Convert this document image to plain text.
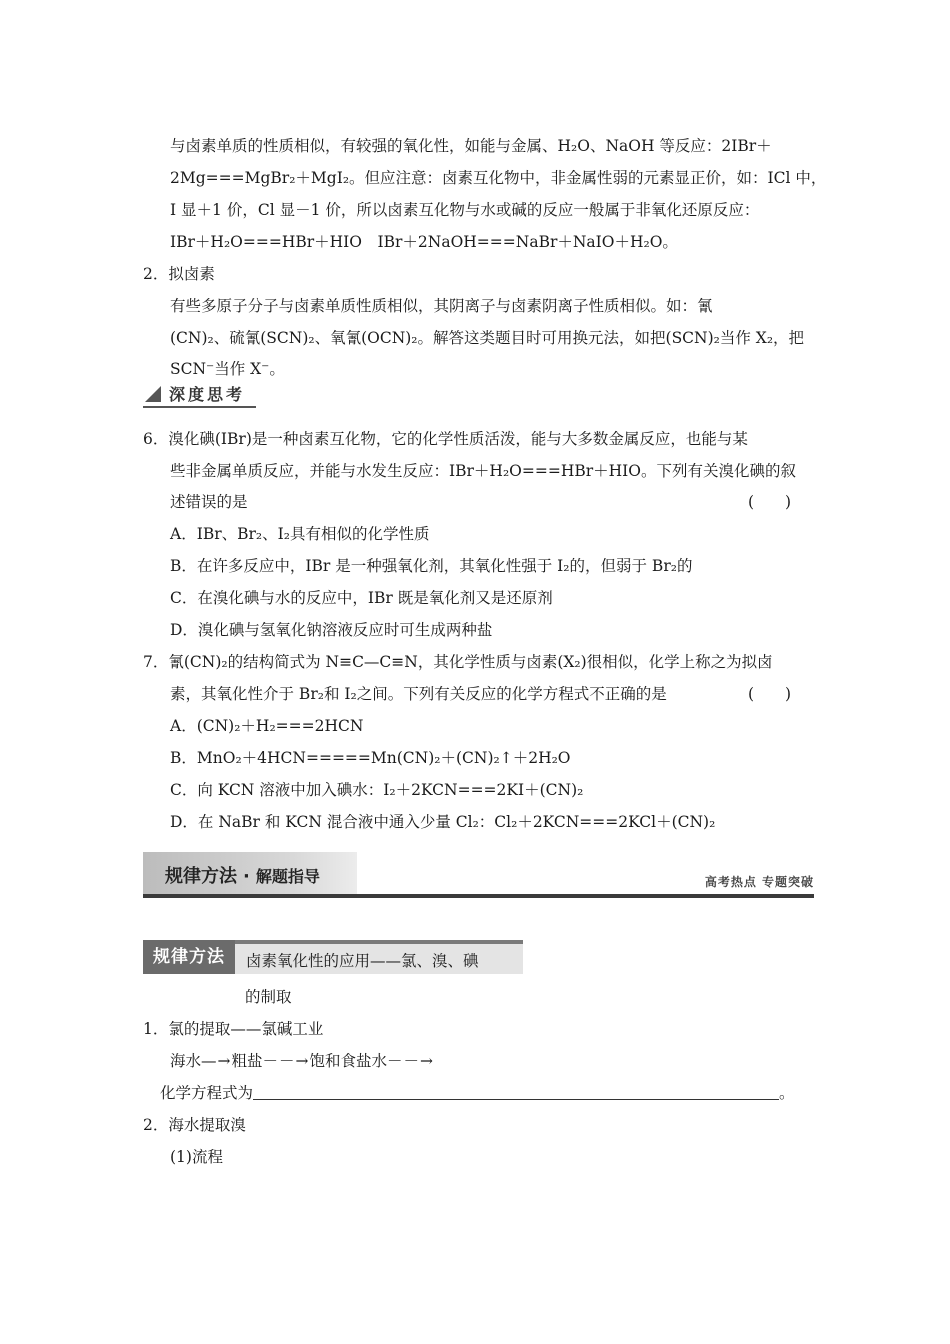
与卤素单质的性质相似，有较强的氧化性，如能与金属、H₂O、NaOH 等反应：2IBr＋
2Mg===MgBr₂＋MgI₂。但应注意：卤素互化物中，非金属性弱的元素显正价，如：ICl 中，
I 显＋1 价，Cl 显－1 价，所以卤素互化物与水或碱的反应一般属于非氧化还原反应：
IBr＋H₂O===HBr＋HIO　IBr＋2NaOH===NaBr＋NaIO＋H₂O。
2．拟卤素
有些多原子分子与卤素单质性质相似，其阴离子与卤素阴离子性质相似。如：氰
(CN)₂、硫氰(SCN)₂、氧氰(OCN)₂。解答这类题目时可用换元法，如把(SCN)₂当作 X₂，把
SCN⁻当作 X⁻。
深度思考
6．溴化碘(IBr)是一种卤素互化物，它的化学性质活泼，能与大多数金属反应，也能与某
些非金属单质反应，并能与水发生反应：IBr＋H₂O===HBr＋HIO。下列有关溴化碘的叙
述错误的是	(　　)
A．IBr、Br₂、I₂具有相似的化学性质
B．在许多反应中，IBr 是一种强氧化剂，其氧化性强于 I₂的，但弱于 Br₂的
C．在溴化碘与水的反应中，IBr 既是氧化剂又是还原剂
D．溴化碘与氢氧化钠溶液反应时可生成两种盐
7．氰(CN)₂的结构简式为 N≡C—C≡N，其化学性质与卤素(X₂)很相似，化学上称之为拟卤
素，其氧化性介于 Br₂和 I₂之间。下列有关反应的化学方程式不正确的是	(　　)
A．(CN)₂＋H₂===2HCN
B．MnO₂＋4HCN=====Mn(CN)₂＋(CN)₂↑＋2H₂O
C．向 KCN 溶液中加入碘水：I₂＋2KCN===2KI＋(CN)₂
D．在 NaBr 和 KCN 混合液中通入少量 Cl₂：Cl₂＋2KCN===2KCl＋(CN)₂
规律方法 · 解题指导	高考热点 专题突破
规律方法	卤素氧化性的应用——氯、溴、碘
的制取
1．氯的提取——氯碱工业
海水—→粗盐－－→饱和食盐水－－→
化学方程式为	。
2．海水提取溴
(1)流程
